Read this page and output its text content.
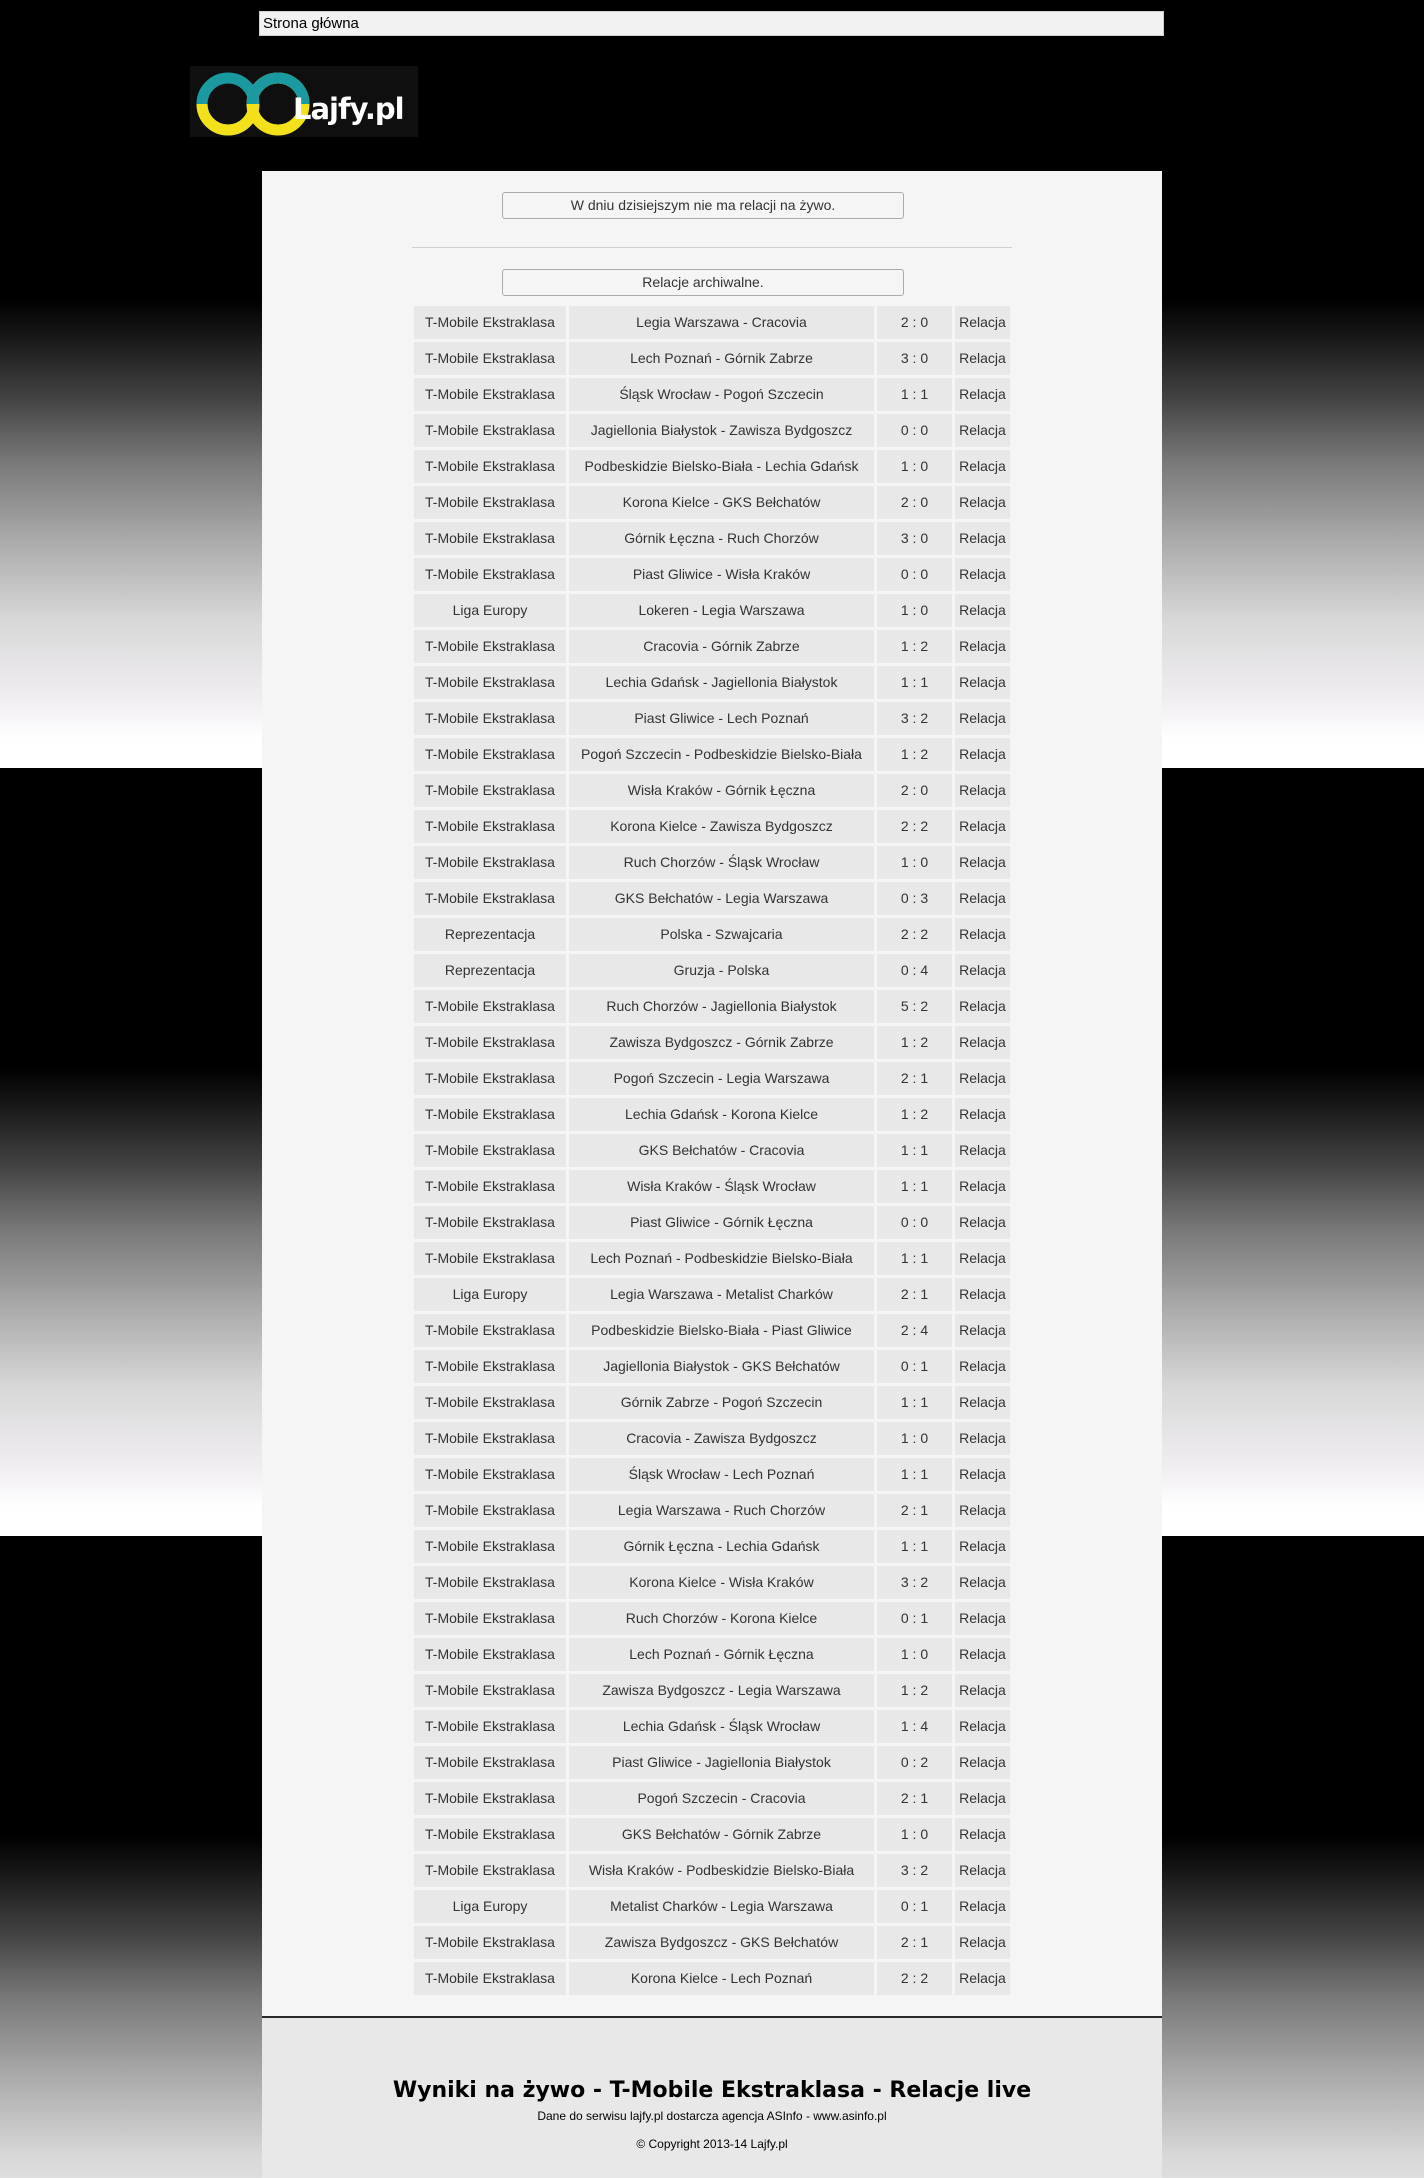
Strona główna
Lajfy.pl
W dniu dzisiejszym nie ma relacji na żywo.
Relacje archiwalne.
T-Mobile Ekstraklasa	Legia Warszawa - Cracovia	2 : 0	Relacja
T-Mobile Ekstraklasa	Lech Poznań - Górnik Zabrze	3 : 0	Relacja
T-Mobile Ekstraklasa	Śląsk Wrocław - Pogoń Szczecin	1 : 1	Relacja
T-Mobile Ekstraklasa	Jagiellonia Białystok - Zawisza Bydgoszcz	0 : 0	Relacja
T-Mobile Ekstraklasa	Podbeskidzie Bielsko-Biała - Lechia Gdańsk	1 : 0	Relacja
T-Mobile Ekstraklasa	Korona Kielce - GKS Bełchatów	2 : 0	Relacja
T-Mobile Ekstraklasa	Górnik Łęczna - Ruch Chorzów	3 : 0	Relacja
T-Mobile Ekstraklasa	Piast Gliwice - Wisła Kraków	0 : 0	Relacja
Liga Europy	Lokeren - Legia Warszawa	1 : 0	Relacja
T-Mobile Ekstraklasa	Cracovia - Górnik Zabrze	1 : 2	Relacja
T-Mobile Ekstraklasa	Lechia Gdańsk - Jagiellonia Białystok	1 : 1	Relacja
T-Mobile Ekstraklasa	Piast Gliwice - Lech Poznań	3 : 2	Relacja
T-Mobile Ekstraklasa	Pogoń Szczecin - Podbeskidzie Bielsko-Biała	1 : 2	Relacja
T-Mobile Ekstraklasa	Wisła Kraków - Górnik Łęczna	2 : 0	Relacja
T-Mobile Ekstraklasa	Korona Kielce - Zawisza Bydgoszcz	2 : 2	Relacja
T-Mobile Ekstraklasa	Ruch Chorzów - Śląsk Wrocław	1 : 0	Relacja
T-Mobile Ekstraklasa	GKS Bełchatów - Legia Warszawa	0 : 3	Relacja
Reprezentacja	Polska - Szwajcaria	2 : 2	Relacja
Reprezentacja	Gruzja - Polska	0 : 4	Relacja
T-Mobile Ekstraklasa	Ruch Chorzów - Jagiellonia Białystok	5 : 2	Relacja
T-Mobile Ekstraklasa	Zawisza Bydgoszcz - Górnik Zabrze	1 : 2	Relacja
T-Mobile Ekstraklasa	Pogoń Szczecin - Legia Warszawa	2 : 1	Relacja
T-Mobile Ekstraklasa	Lechia Gdańsk - Korona Kielce	1 : 2	Relacja
T-Mobile Ekstraklasa	GKS Bełchatów - Cracovia	1 : 1	Relacja
T-Mobile Ekstraklasa	Wisła Kraków - Śląsk Wrocław	1 : 1	Relacja
T-Mobile Ekstraklasa	Piast Gliwice - Górnik Łęczna	0 : 0	Relacja
T-Mobile Ekstraklasa	Lech Poznań - Podbeskidzie Bielsko-Biała	1 : 1	Relacja
Liga Europy	Legia Warszawa - Metalist Charków	2 : 1	Relacja
T-Mobile Ekstraklasa	Podbeskidzie Bielsko-Biała - Piast Gliwice	2 : 4	Relacja
T-Mobile Ekstraklasa	Jagiellonia Białystok - GKS Bełchatów	0 : 1	Relacja
T-Mobile Ekstraklasa	Górnik Zabrze - Pogoń Szczecin	1 : 1	Relacja
T-Mobile Ekstraklasa	Cracovia - Zawisza Bydgoszcz	1 : 0	Relacja
T-Mobile Ekstraklasa	Śląsk Wrocław - Lech Poznań	1 : 1	Relacja
T-Mobile Ekstraklasa	Legia Warszawa - Ruch Chorzów	2 : 1	Relacja
T-Mobile Ekstraklasa	Górnik Łęczna - Lechia Gdańsk	1 : 1	Relacja
T-Mobile Ekstraklasa	Korona Kielce - Wisła Kraków	3 : 2	Relacja
T-Mobile Ekstraklasa	Ruch Chorzów - Korona Kielce	0 : 1	Relacja
T-Mobile Ekstraklasa	Lech Poznań - Górnik Łęczna	1 : 0	Relacja
T-Mobile Ekstraklasa	Zawisza Bydgoszcz - Legia Warszawa	1 : 2	Relacja
T-Mobile Ekstraklasa	Lechia Gdańsk - Śląsk Wrocław	1 : 4	Relacja
T-Mobile Ekstraklasa	Piast Gliwice - Jagiellonia Białystok	0 : 2	Relacja
T-Mobile Ekstraklasa	Pogoń Szczecin - Cracovia	2 : 1	Relacja
T-Mobile Ekstraklasa	GKS Bełchatów - Górnik Zabrze	1 : 0	Relacja
T-Mobile Ekstraklasa	Wisła Kraków - Podbeskidzie Bielsko-Biała	3 : 2	Relacja
Liga Europy	Metalist Charków - Legia Warszawa	0 : 1	Relacja
T-Mobile Ekstraklasa	Zawisza Bydgoszcz - GKS Bełchatów	2 : 1	Relacja
T-Mobile Ekstraklasa	Korona Kielce - Lech Poznań	2 : 2	Relacja
Wyniki na żywo - T-Mobile Ekstraklasa - Relacje live
Dane do serwisu lajfy.pl dostarcza agencja ASInfo - www.asinfo.pl
© Copyright 2013-14 Lajfy.pl
